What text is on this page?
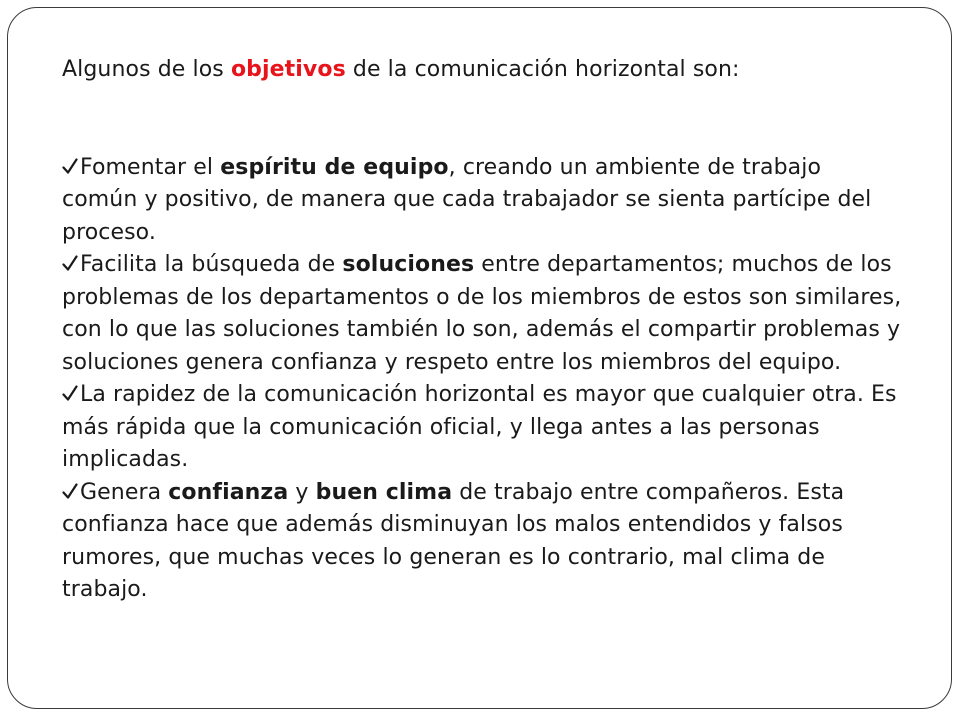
Algunos de los objetivos de la comunicación horizontal son:

Fomentar el espíritu de equipo, creando un ambiente de trabajo común y positivo, de manera que cada trabajador se sienta partícipe del proceso.
Facilita la búsqueda de soluciones entre departamentos; muchos de los problemas de los departamentos o de los miembros de estos son similares, con lo que las soluciones también lo son, además el compartir problemas y soluciones genera confianza y respeto entre los miembros del equipo.
La rapidez de la comunicación horizontal es mayor que cualquier otra. Es más rápida que la comunicación oficial, y llega antes a las personas implicadas.
Genera confianza y buen clima de trabajo entre compañeros. Esta confianza hace que además disminuyan los malos entendidos y falsos rumores, que muchas veces lo generan es lo contrario, mal clima de trabajo.
